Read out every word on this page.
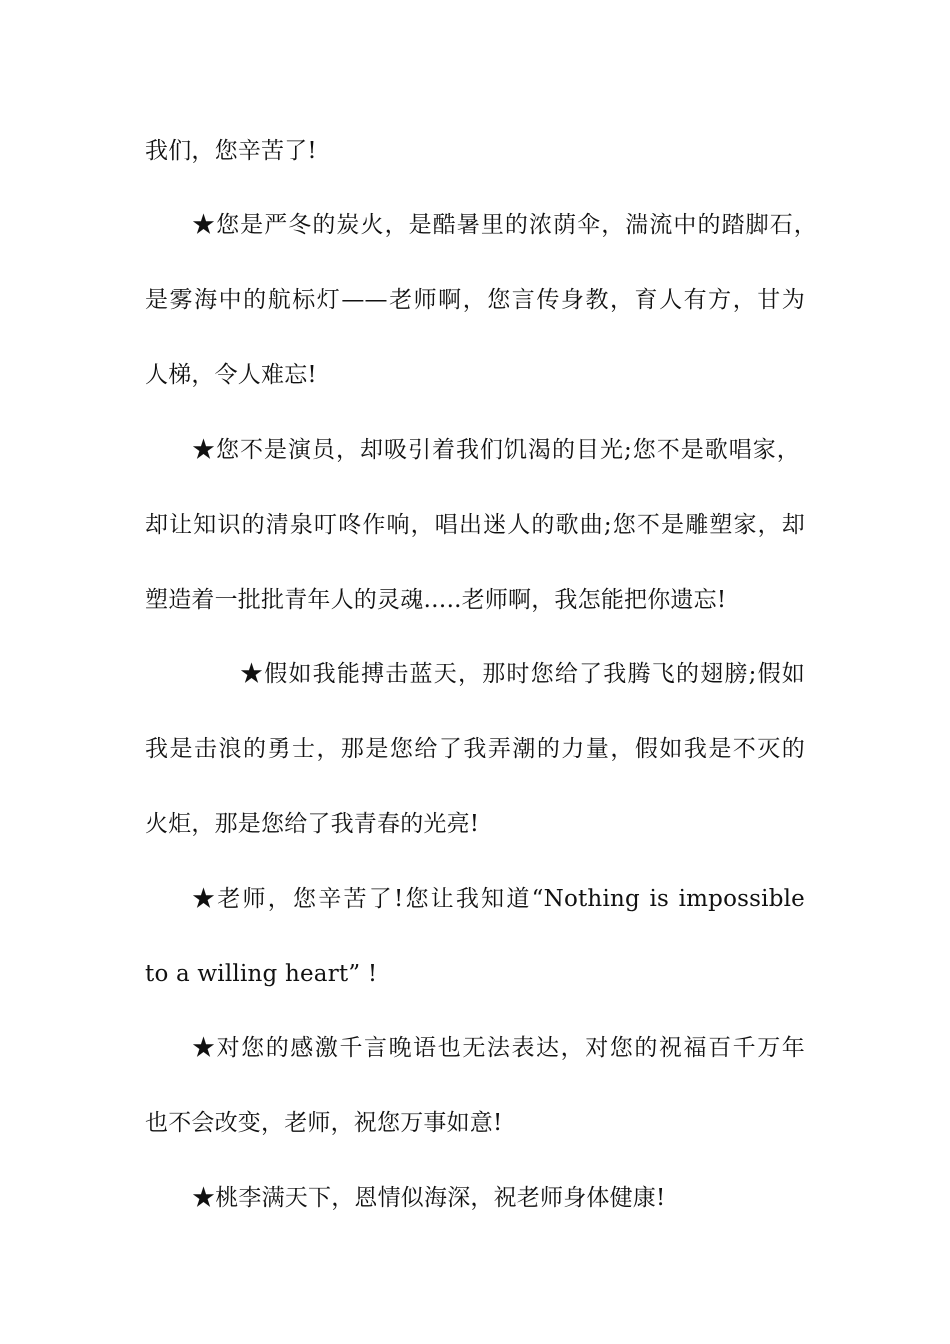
我们，您辛苦了!
★您是严冬的炭火，是酷暑里的浓荫伞，湍流中的踏脚石，
是雾海中的航标灯——老师啊，您言传身教，育人有方，甘为
人梯，令人难忘!
★您不是演员，却吸引着我们饥渴的目光;您不是歌唱家，
却让知识的清泉叮咚作响，唱出迷人的歌曲;您不是雕塑家，却
塑造着一批批青年人的灵魂…..老师啊，我怎能把你遗忘!
★假如我能搏击蓝天，那时您给了我腾飞的翅膀;假如
我是击浪的勇士，那是您给了我弄潮的力量，假如我是不灭的
火炬，那是您给了我青春的光亮!
★老师，您辛苦了!您让我知道“Nothing is impossible
to a willing heart” !
★对您的感激千言晚语也无法表达，对您的祝福百千万年
也不会改变，老师，祝您万事如意!
★桃李满天下，恩情似海深，祝老师身体健康!
